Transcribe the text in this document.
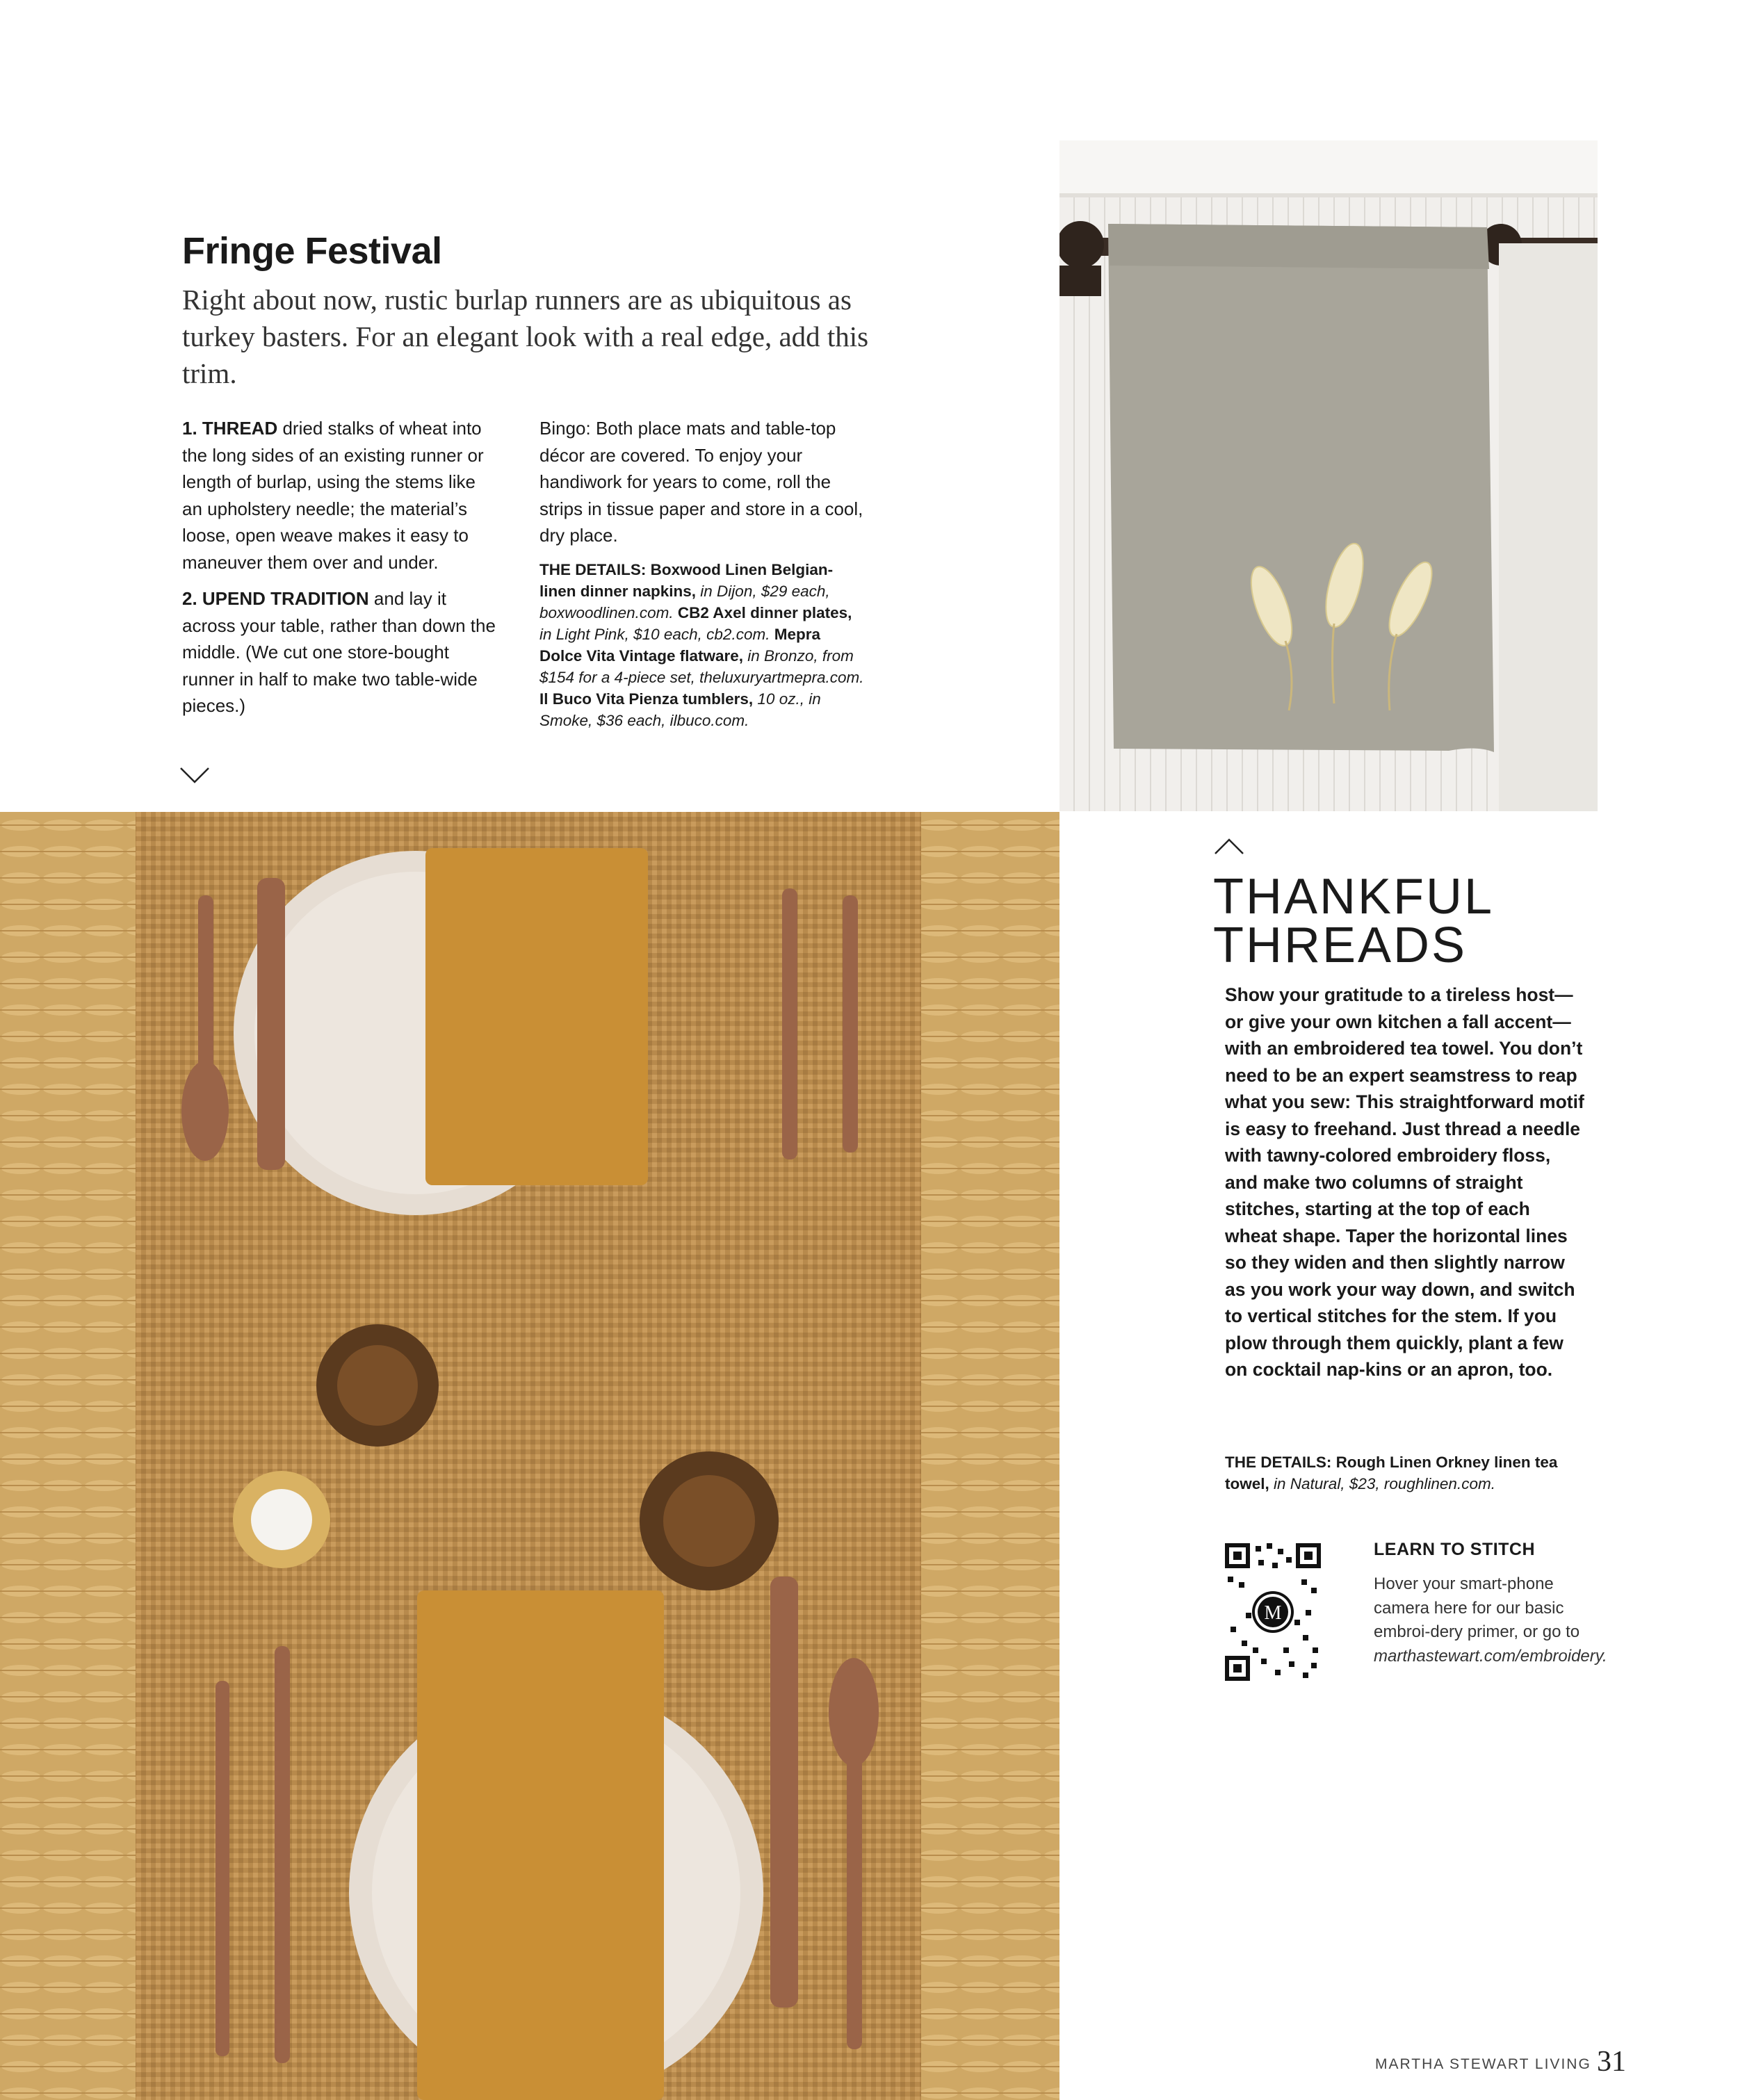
Fringe Festival
Right about now, rustic burlap runners are as ubiquitous as turkey basters. For an elegant look with a real edge, add this trim.

1. THREAD dried stalks of wheat into the long sides of an existing runner or length of burlap, using the stems like an upholstery needle; the material’s loose, open weave makes it easy to maneuver them over and under.

2. UPEND TRADITION and lay it across your table, rather than down the middle. (We cut one store-bought runner in half to make two table-wide pieces.)

Bingo: Both place mats and table-top décor are covered. To enjoy your handiwork for years to come, roll the strips in tissue paper and store in a cool, dry place.

THE DETAILS: Boxwood Linen Belgian-linen dinner napkins, in Dijon, $29 each, boxwoodlinen.com. CB2 Axel dinner plates, in Light Pink, $10 each, cb2.com. Mepra Dolce Vita Vintage flatware, in Bronzo, from $154 for a 4-piece set, theluxuryartmepra.com. Il Buco Vita Pienza tumblers, 10 oz., in Smoke, $36 each, ilbuco.com.
THANKFUL
THREADS
Show your gratitude to a tireless host—or give your own kitchen a fall accent—with an embroidered tea towel. You don’t need to be an expert seamstress to reap what you sew: This straightforward motif is easy to freehand. Just thread a needle with tawny-colored embroidery floss, and make two columns of straight stitches, starting at the top of each wheat shape. Taper the horizontal lines so they widen and then slightly narrow as you work your way down, and switch to vertical stitches for the stem. If you plow through them quickly, plant a few on cocktail nap-kins or an apron, too.
THE DETAILS: Rough Linen Orkney linen tea towel, in Natural, $23, roughlinen.com.
M
LEARN TO STITCH
Hover your smart-phone camera here for our basic embroi-dery primer, or go to marthastewart.com/embroidery.
MARTHA STEWART LIVING 31
